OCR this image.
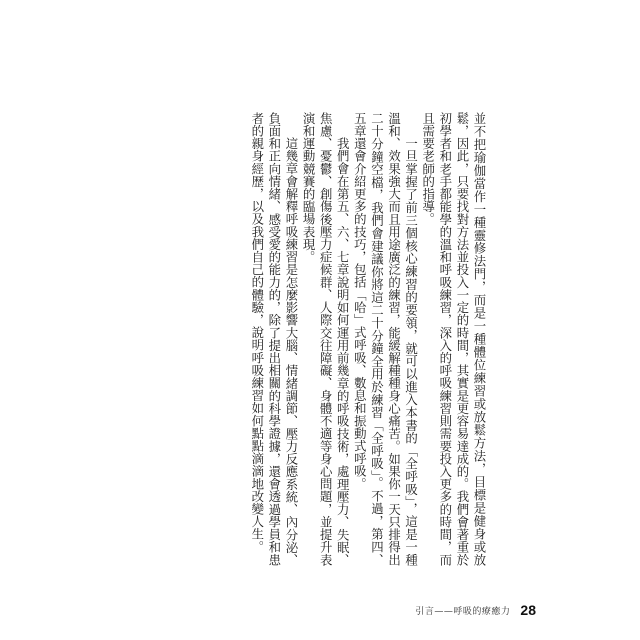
並不把瑜伽當作一種靈修法門，而是一種體位練習或放鬆方法，目標是健身或放鬆，因此，只要找對方法並投入一定的時間，其實是更容易達成的。我們會著重於初學者和老手都能學的溫和呼吸練習，深入的呼吸練習則需要投入更多的時間，而且需要老師的指導。

一旦掌握了前三個核心練習的要領，就可以進入本書的「全呼吸」，這是一種溫和、效果強大而且用途廣泛的練習，能緩解種種身心痛苦。如果你一天只排得出二十分鐘空檔，我們會建議你將這二十分鐘全用於練習「全呼吸」。不過，第四、五章還會介紹更多的技巧，包括「哈」式呼吸、數息和振動式呼吸。

我們會在第五、六、七章說明如何運用前幾章的呼吸技術，處理壓力、失眠、焦慮、憂鬱、創傷後壓力症候群、人際交往障礙、身體不適等身心問題，並提升表演和運動競賽的臨場表現。

這幾章會解釋呼吸練習是怎麼影響大腦、情緒調節、壓力反應系統、內分泌、負面和正向情緒、感受愛的能力的，除了提出相關的科學證據，還會透過學員和患者的親身經歷，以及我們自己的體驗，說明呼吸練習如何點點滴滴地改變人生。

引言——呼吸的療癒力 28
